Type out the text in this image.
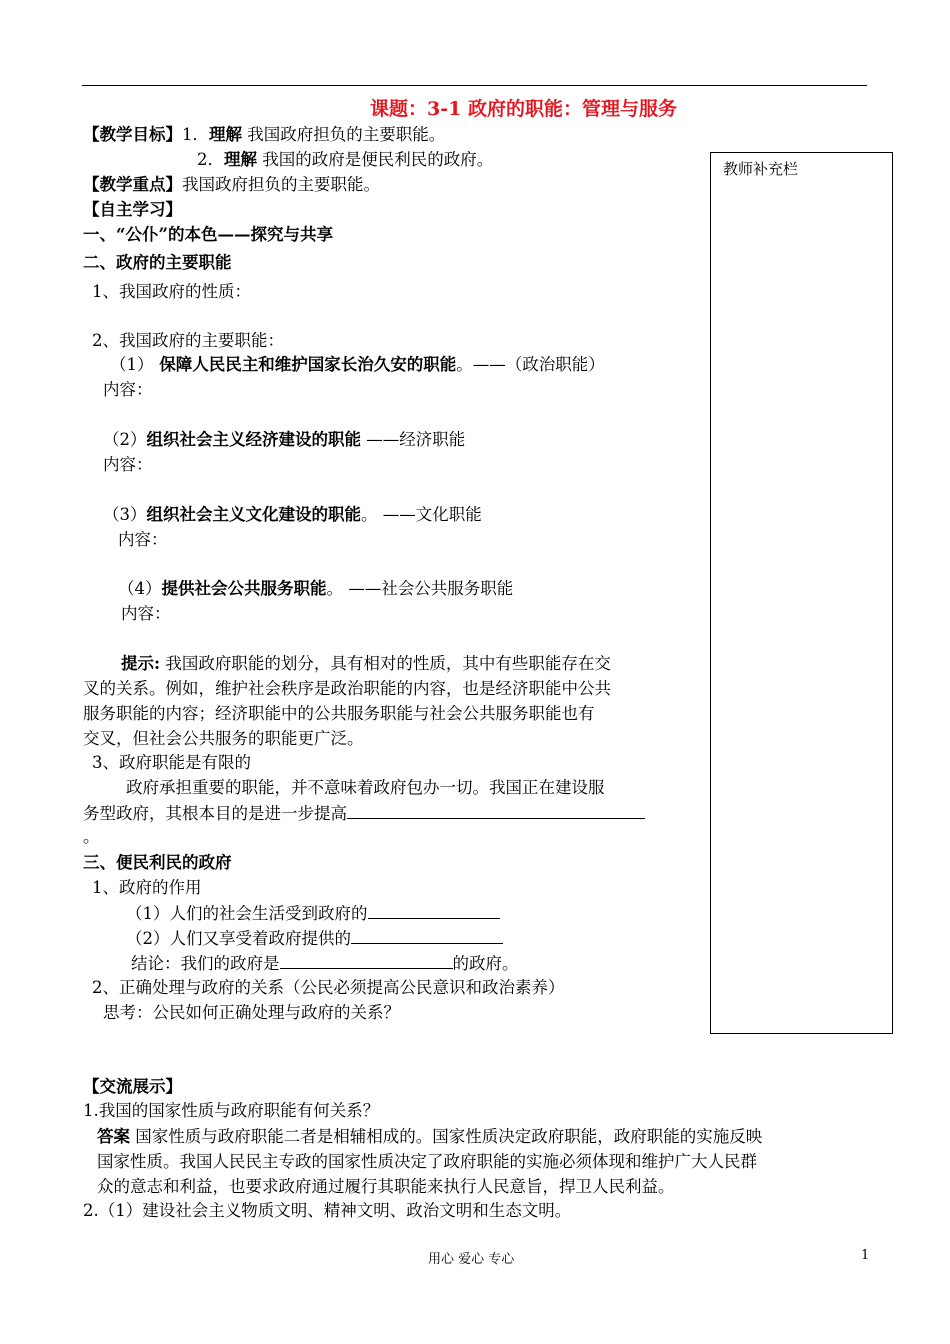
课题：3-1 政府的职能：管理与服务
【教学目标】1．理解 我国政府担负的主要职能。
2．理解 我国的政府是便民利民的政府。
【教学重点】我国政府担负的主要职能。
【自主学习】
一、“公仆”的本色——探究与共享
二、政府的主要职能
1、我国政府的性质：
2、我国政府的主要职能：
（1） 保障人民民主和维护国家长治久安的职能。——（政治职能）
内容：
（2）组织社会主义经济建设的职能 ——经济职能
内容：
（3）组织社会主义文化建设的职能。 ——文化职能
内容：
（4）提供社会公共服务职能。 ——社会公共服务职能
内容：
提示: 我国政府职能的划分，具有相对的性质，其中有些职能存在交
叉的关系。例如，维护社会秩序是政治职能的内容，也是经济职能中公共
服务职能的内容；经济职能中的公共服务职能与社会公共服务职能也有
交叉，但社会公共服务的职能更广泛。
3、政府职能是有限的
政府承担重要的职能，并不意味着政府包办一切。我国正在建设服
务型政府，其根本目的是进一步提高
。
三、便民利民的政府
1、政府的作用
（1）人们的社会生活受到政府的
（2）人们又享受着政府提供的
结论：我们的政府是	的政府。
2、正确处理与政府的关系（公民必须提高公民意识和政治素养）
思考：公民如何正确处理与政府的关系？
教师补充栏
【交流展示】
1.我国的国家性质与政府职能有何关系？
答案 国家性质与政府职能二者是相辅相成的。国家性质决定政府职能，政府职能的实施反映
国家性质。我国人民民主专政的国家性质决定了政府职能的实施必须体现和维护广大人民群
众的意志和利益，也要求政府通过履行其职能来执行人民意旨，捍卫人民利益。
2.（1）建设社会主义物质文明、精神文明、政治文明和生态文明。
用心 爱心 专心	1
